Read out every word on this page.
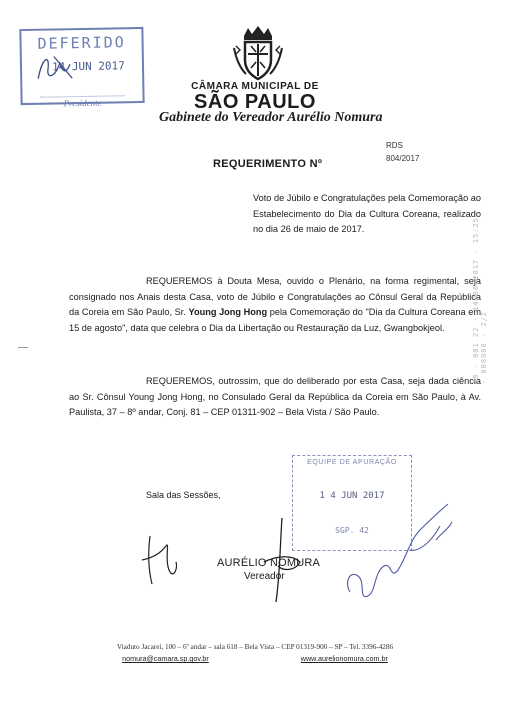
DEFERIDO
14 JUN 2017
Presidente
CÂMARA MUNICIPAL DE
SÃO PAULO
Gabinete do Vereador Aurélio Nomura
RDS
804/2017
REQUERIMENTO Nº

Voto de Júbilo e Congratulações pela Comemoração ao Estabelecimento do Dia da Cultura Coreana, realizado no dia 26 de maio de 2017.

REQUEREMOS à Douta Mesa, ouvido o Plenário, na forma regimental, seja consignado nos Anais desta Casa, voto de Júbilo e Congratulações ao Cônsul Geral da República da Coreia em São Paulo, Sr. Young Jong Hong pela Comemoração do "Dia da Cultura Coreana em 15 de agosto", data que celebra o Dia da Libertação ou Restauração da Luz, Gwangbokjeol.

REQUEREMOS, outrossim, que do deliberado por esta Casa, seja dada ciência ao Sr. Cônsul Young Jong Hong, no Consulado Geral da República da Coreia em São Paulo, à Av. Paulista, 37 – 8º andar, Conj. 81 – CEP 01311-902 – Bela Vista / São Paulo.

Sala das Sessões,
EQUIPE DE APURAÇÃO
1 4 JUN 2017
SGP. 42
AURÉLIO NOMURA
Vereador
13 - 001 22 - 14/06/2017 - 15:25 - 008086 - 2/2
Viaduto Jacareí, 100 – 6º andar – sala 618 – Bela Vista – CEP 01319-900 – SP – Tel. 3396-4286
nomura@camara.sp.gov.br	www.aurelionomura.com.br
